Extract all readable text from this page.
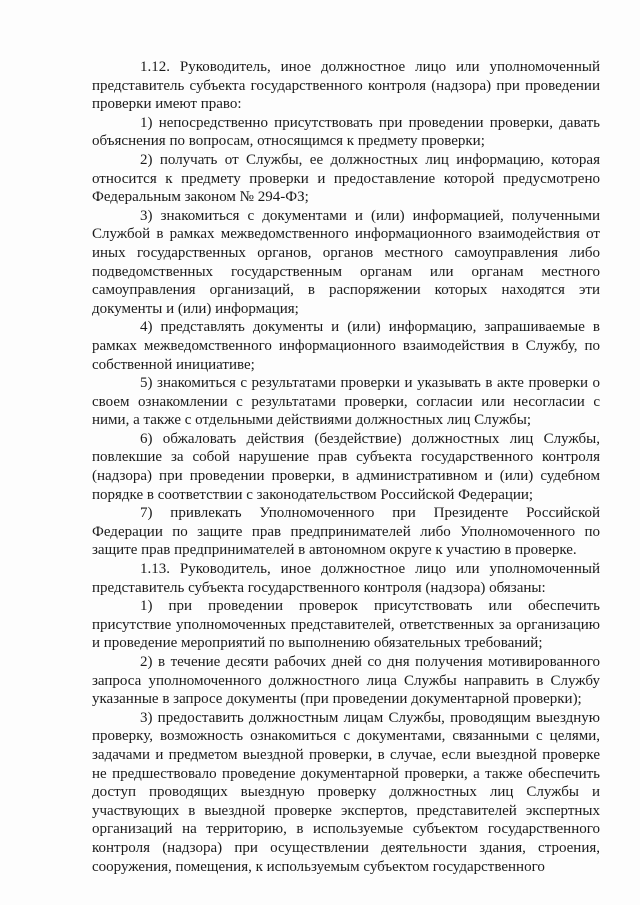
1.12. Руководитель, иное должностное лицо или уполномоченный представитель субъекта государственного контроля (надзора) при проведении проверки имеют право:

1) непосредственно присутствовать при проведении проверки, давать объяснения по вопросам, относящимся к предмету проверки;

2) получать от Службы, ее должностных лиц информацию, которая относится к предмету проверки и предоставление которой предусмотрено Федеральным законом № 294-ФЗ;

3) знакомиться с документами и (или) информацией, полученными Службой в рамках межведомственного информационного взаимодействия от иных государственных органов, органов местного самоуправления либо подведомственных государственным органам или органам местного самоуправления организаций, в распоряжении которых находятся эти документы и (или) информация;

4) представлять документы и (или) информацию, запрашиваемые в рамках межведомственного информационного взаимодействия в Службу, по собственной инициативе;

5) знакомиться с результатами проверки и указывать в акте проверки о своем ознакомлении с результатами проверки, согласии или несогласии с ними, а также с отдельными действиями должностных лиц Службы;

6) обжаловать действия (бездействие) должностных лиц Службы, повлекшие за собой нарушение прав субъекта государственного контроля (надзора) при проведении проверки, в административном и (или) судебном порядке в соответствии с законодательством Российской Федерации;

7) привлекать Уполномоченного при Президенте Российской Федерации по защите прав предпринимателей либо Уполномоченного по защите прав предпринимателей в автономном округе к участию в проверке.

1.13. Руководитель, иное должностное лицо или уполномоченный представитель субъекта государственного контроля (надзора) обязаны:

1) при проведении проверок присутствовать или обеспечить присутствие уполномоченных представителей, ответственных за организацию и проведение мероприятий по выполнению обязательных требований;

2) в течение десяти рабочих дней со дня получения мотивированного запроса уполномоченного должностного лица Службы направить в Службу указанные в запросе документы (при проведении документарной проверки);

3) предоставить должностным лицам Службы, проводящим выездную проверку, возможность ознакомиться с документами, связанными с целями, задачами и предметом выездной проверки, в случае, если выездной проверке не предшествовало проведение документарной проверки, а также обеспечить доступ проводящих выездную проверку должностных лиц Службы и участвующих в выездной проверке экспертов, представителей экспертных организаций на территорию, в используемые субъектом государственного контроля (надзора) при осуществлении деятельности здания, строения, сооружения, помещения, к используемым субъектом государственного
